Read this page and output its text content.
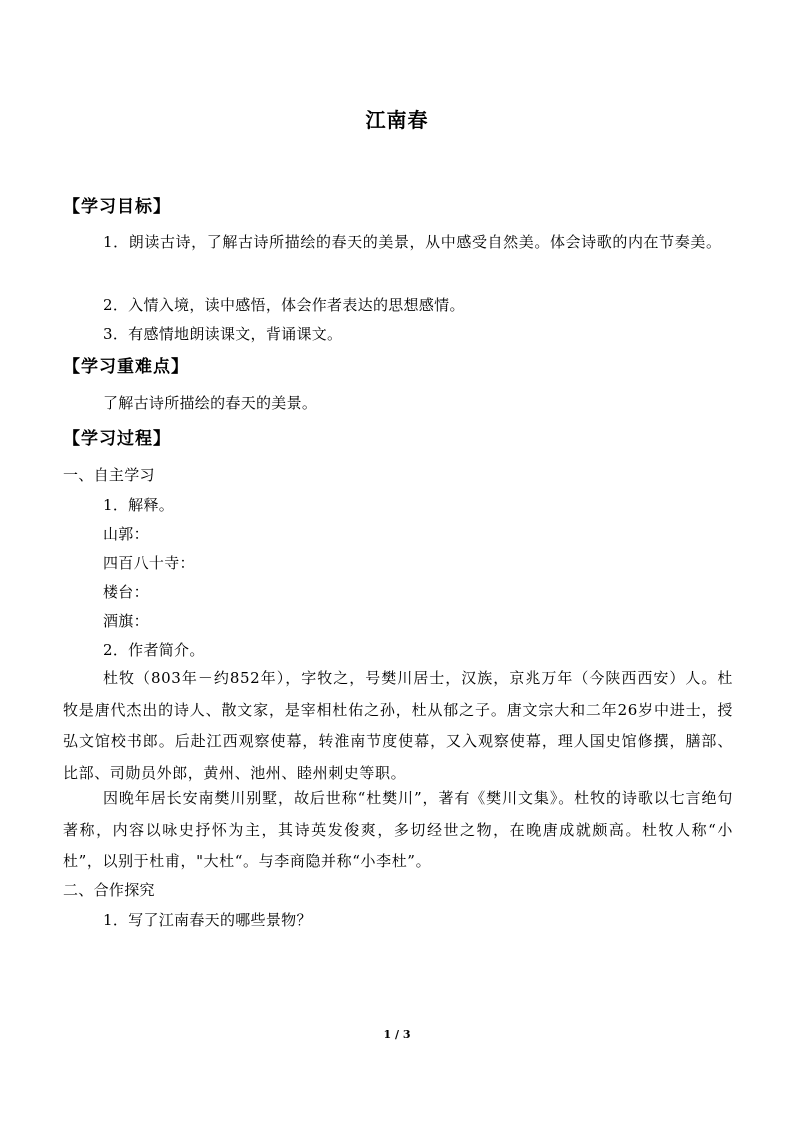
江南春
【学习目标】
1．朗读古诗，了解古诗所描绘的春天的美景，从中感受自然美。体会诗歌的内在节奏美。
2．入情入境，读中感悟，体会作者表达的思想感情。
3．有感情地朗读课文，背诵课文。
【学习重难点】
了解古诗所描绘的春天的美景。
【学习过程】
一、自主学习
1．解释。
山郭：
四百八十寺：
楼台：
酒旗：
2．作者简介。
杜牧（803年－约852年），字牧之，号樊川居士，汉族，京兆万年（今陕西西安）人。杜牧是唐代杰出的诗人、散文家，是宰相杜佑之孙，杜从郁之子。唐文宗大和二年26岁中进士，授弘文馆校书郎。后赴江西观察使幕，转淮南节度使幕，又入观察使幕，理人国史馆修撰，膳部、比部、司勋员外郎，黄州、池州、睦州刺史等职。
因晚年居长安南樊川别墅，故后世称“杜樊川”，著有《樊川文集》。杜牧的诗歌以七言绝句著称，内容以咏史抒怀为主，其诗英发俊爽，多切经世之物，在晚唐成就颇高。杜牧人称“小杜”，以别于杜甫，"大杜“。与李商隐并称“小李杜”。
二、合作探究
1．写了江南春天的哪些景物？
1 / 3
